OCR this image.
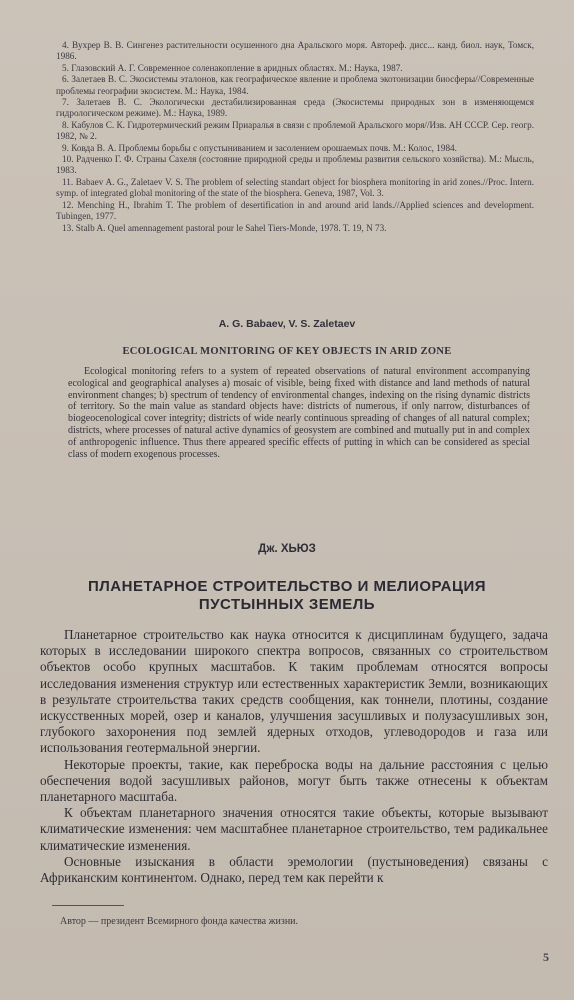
4. Вухрер В. В. Сингенез растительности осушенного дна Аральского моря. Автореф. дисс... канд. биол. наук, Томск, 1986.

5. Глазовский А. Г. Современное соленакопление в аридных областях. М.: Наука, 1987.

6. Залетаев В. С. Экосистемы эталонов, как географическое явление и проблема экотонизации биосферы//Современные проблемы географии экосистем. М.: Наука, 1984.

7. Залетаев В. С. Экологически дестабилизированная среда (Экосистемы природных зон в изменяющемся гидрологическом режиме). М.: Наука, 1989.

8. Кабулов С. К. Гидротермический режим Приаралья в связи с проблемой Аральского моря//Изв. АН СССР. Сер. геогр. 1982, № 2.

9. Ковда В. А. Проблемы борьбы с опустыниванием и засолением орошаемых почв. М.: Колос, 1984.

10. Радченко Г. Ф. Страны Сахеля (состояние природной среды и проблемы развития сельского хозяйства). М.: Мысль, 1983.

11. Babaev A. G., Zaletaev V. S. The problem of selecting standart object for biosphera monitoring in arid zones.//Proc. Intern. symp. of integrated global monitoring of the state of the biosphera. Geneva, 1987, Vol. 3.

12. Menching H., Ibrahim T. The problem of desertification in and around arid lands.//Applied sciences and development. Tubingen, 1977.

13. Stalb A. Quel amennagement pastoral pour le Sahel Tiers-Monde, 1978. T. 19, N 73.

A. G. Babaev, V. S. Zaletaev
ECOLOGICAL MONITORING OF KEY OBJECTS IN ARID ZONE

Ecological monitoring refers to a system of repeated observations of natural environment accompanying ecological and geographical analyses a) mosaic of visible, being fixed with distance and land methods of natural environment changes; b) spectrum of tendency of environmental changes, indexing on the rising dynamic districts of territory. So the main value as standard objects have: districts of numerous, if only narrow, disturbances of biogeocenological cover integrity; districts of wide nearly continuous spreading of changes of all natural complex; districts, where processes of natural active dynamics of geosystem are combined and mutually put in and complex of anthropogenic influence. Thus there appeared specific effects of putting in which can be considered as special class of modern exogenous processes.

Дж. ХЬЮЗ
ПЛАНЕТАРНОЕ СТРОИТЕЛЬСТВО И МЕЛИОРАЦИЯ
ПУСТЫННЫХ ЗЕМЕЛЬ

Планетарное строительство как наука относится к дисциплинам будущего, задача которых в исследовании широкого спектра вопросов, связанных со строительством объектов особо крупных масштабов. К таким проблемам относятся вопросы исследования изменения структур или естественных характеристик Земли, возникающих в результате строительства таких средств сообщения, как тоннели, плотины, создание искусственных морей, озер и каналов, улучшения засушливых и полузасушливых зон, глубокого захоронения под землей ядерных отходов, углеводородов и газа или использования геотермальной энергии.

Некоторые проекты, такие, как переброска воды на дальние расстояния с целью обеспечения водой засушливых районов, могут быть также отнесены к объектам планетарного масштаба.

К объектам планетарного значения относятся такие объекты, которые вызывают климатические изменения: чем масштабнее планетарное строительство, тем радикальнее климатические изменения.

Основные изыскания в области эремологии (пустыноведения) связаны с Африканским континентом. Однако, перед тем как перейти к

Автор — президент Всемирного фонда качества жизни.
5
